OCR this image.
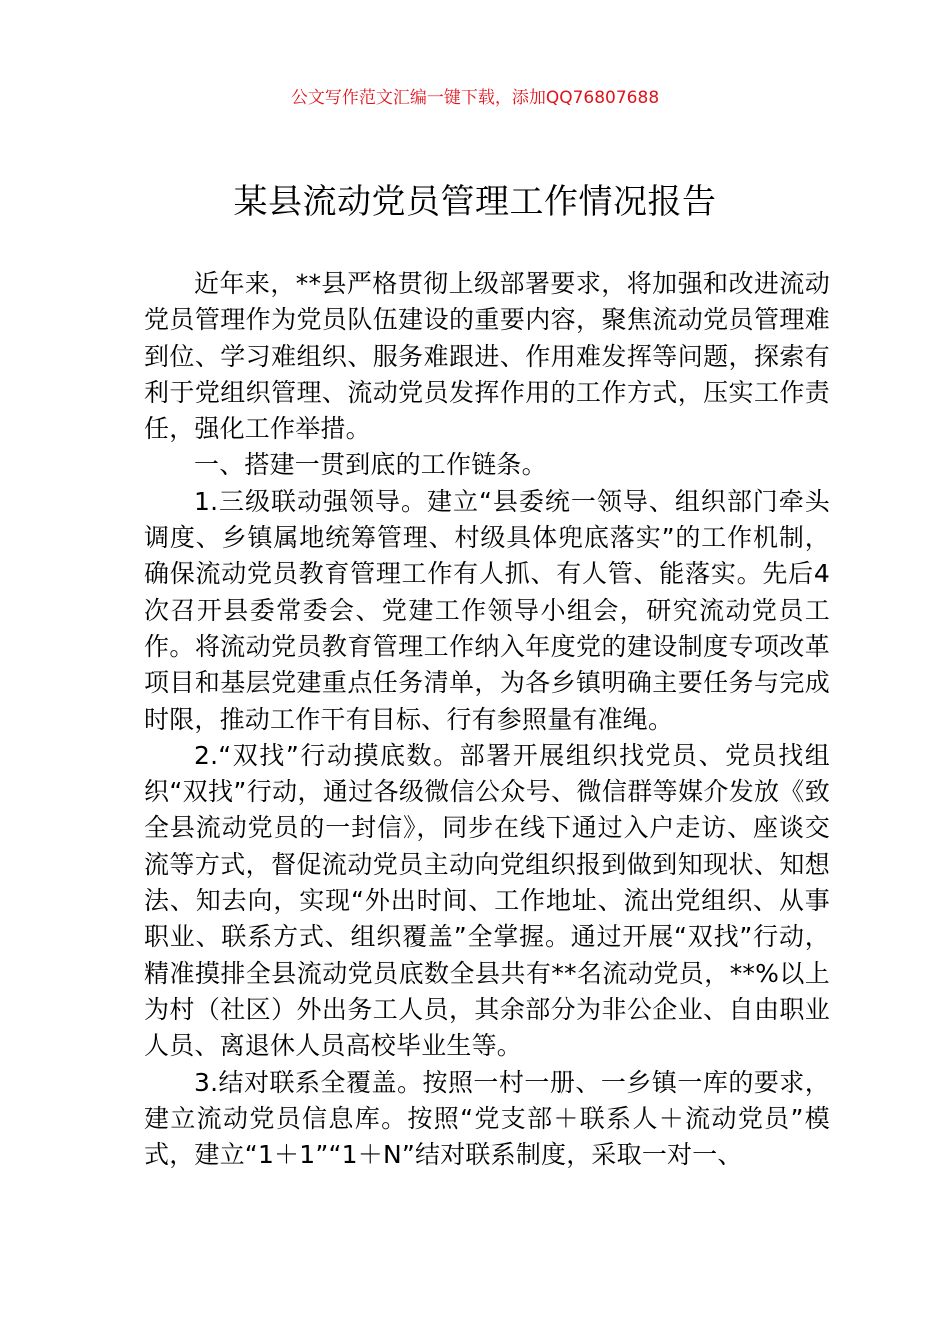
公文写作范文汇编一键下载，添加QQ76807688
某县流动党员管理工作情况报告

近年来，**县严格贯彻上级部署要求，将加强和改进流动党员管理作为党员队伍建设的重要内容，聚焦流动党员管理难到位、学习难组织、服务难跟进、作用难发挥等问题，探索有利于党组织管理、流动党员发挥作用的工作方式，压实工作责任，强化工作举措。

一、搭建一贯到底的工作链条。

1.三级联动强领导。建立“县委统一领导、组织部门牵头调度、乡镇属地统筹管理、村级具体兜底落实”的工作机制，确保流动党员教育管理工作有人抓、有人管、能落实。先后4次召开县委常委会、党建工作领导小组会，研究流动党员工作。将流动党员教育管理工作纳入年度党的建设制度专项改革项目和基层党建重点任务清单，为各乡镇明确主要任务与完成时限，推动工作干有目标、行有参照量有准绳。

2.“双找”行动摸底数。部署开展组织找党员、党员找组织“双找”行动，通过各级微信公众号、微信群等媒介发放《致全县流动党员的一封信》，同步在线下通过入户走访、座谈交流等方式，督促流动党员主动向党组织报到做到知现状、知想法、知去向，实现“外出时间、工作地址、流出党组织、从事职业、联系方式、组织覆盖”全掌握。通过开展“双找”行动，精准摸排全县流动党员底数全县共有**名流动党员，**%以上为村（社区）外出务工人员，其余部分为非公企业、自由职业人员、离退休人员高校毕业生等。

3.结对联系全覆盖。按照一村一册、一乡镇一库的要求，建立流动党员信息库。按照“党支部＋联系人＋流动党员”模式，建立“1＋1”“1＋N”结对联系制度，采取一对一、
